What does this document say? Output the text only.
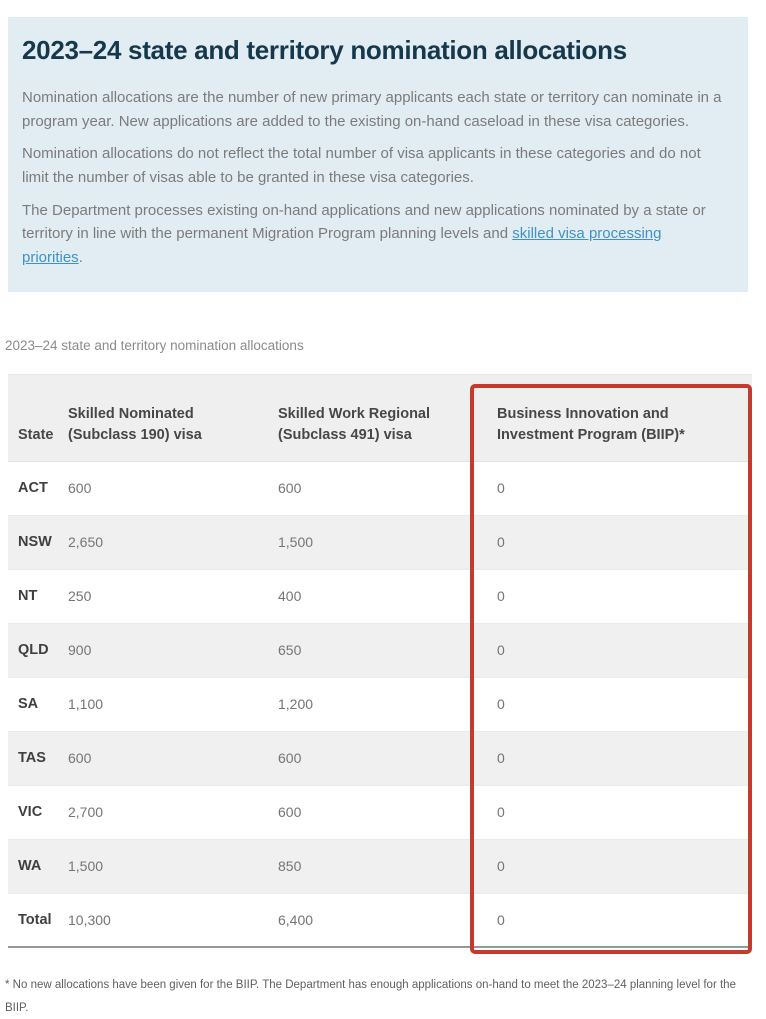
2023–24 state and territory nomination allocations

Nomination allocations are the number of new primary applicants each state or territory can nominate in a program year. New applications are added to the existing on-hand caseload in these visa categories.

Nomination allocations do not reflect the total number of visa applicants in these categories and do not limit the number of visas able to be granted in these visa categories.

The Department processes existing on-hand applications and new applications nominated by a state or territory in line with the permanent Migration Program planning levels and skilled visa processing priorities.

2023–24 state and territory nomination allocations
State	Skilled Nominated (Subclass 190) visa	Skilled Work Regional (Subclass 491) visa	Business Innovation and Investment Program (BIIP)*

ACT	600	600	0
NSW	2,650	1,500	0
NT	250	400	0
QLD	900	650	0
SA	1,100	1,200	0
TAS	600	600	0
VIC	2,700	600	0
WA	1,500	850	0
Total	10,300	6,400	0
* No new allocations have been given for the BIIP. The Department has enough applications on-hand to meet the 2023–24 planning level for the BIIP.
